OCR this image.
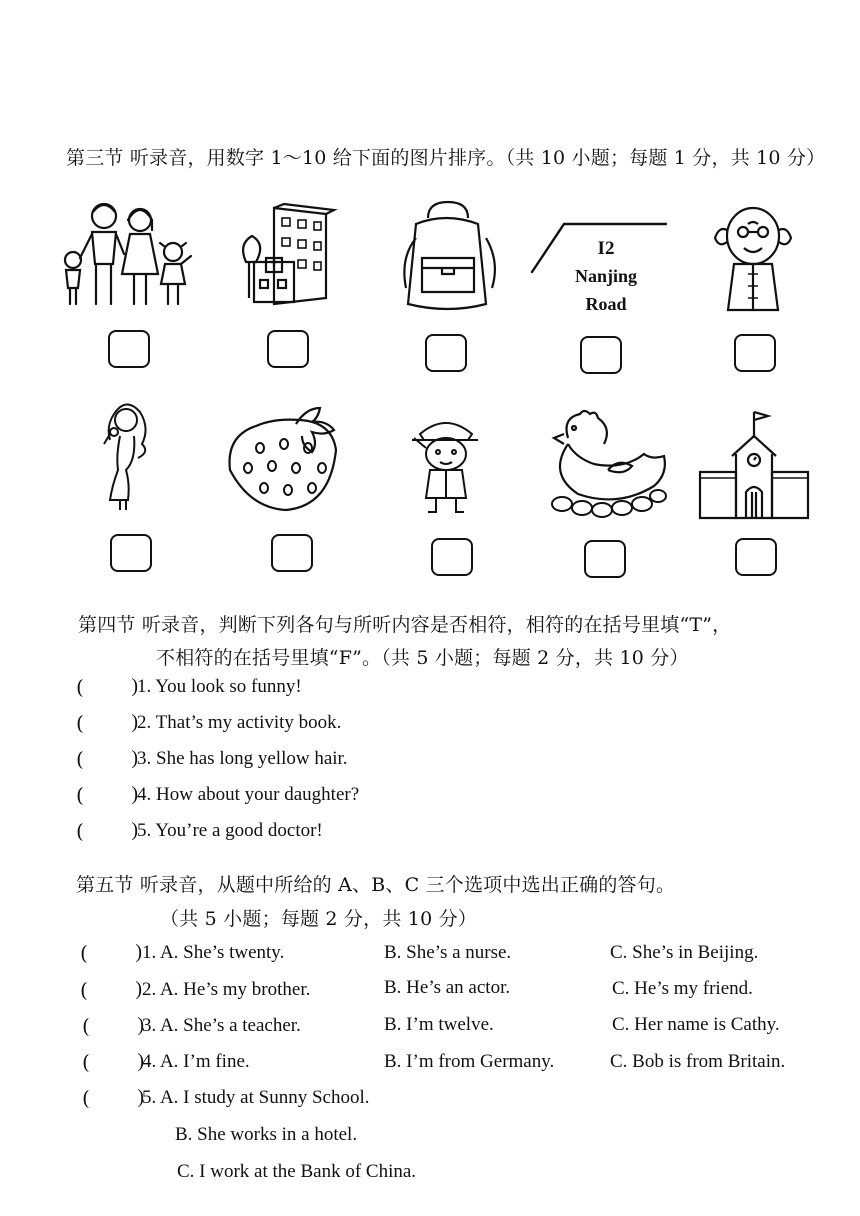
第三节 听录音，用数字 1～10 给下面的图片排序。（共 10 小题；每题 1 分，共 10 分）
I2
Nanjing
Road
第四节 听录音，判断下列各句与所听内容是否相符，相符的在括号里填“T”，
不相符的在括号里填“F”。（共 5 小题；每题 2 分，共 10 分）
( )	1. You look so funny!
( )	2. That’s my activity book.
( )	3. She has long yellow hair.
( )	4. How about your daughter?
( )	5. You’re a good doctor!
第五节 听录音，从题中所给的 A、B、C 三个选项中选出正确的答句。
（共 5 小题；每题 2 分，共 10 分）
( )	1. A. She’s twenty.	B. She’s a nurse.	C. She’s in Beijing.
( )	2. A. He’s my brother.	B. He’s an actor.	C. He’s my friend.
( )	3. A. She’s a teacher.	B. I’m twelve.	C. Her name is Cathy.
( )	4. A. I’m fine.	B. I’m from Germany.	C. Bob is from Britain.
( )	5. A. I study at Sunny School.
B. She works in a hotel.
C. I work at the Bank of China.
